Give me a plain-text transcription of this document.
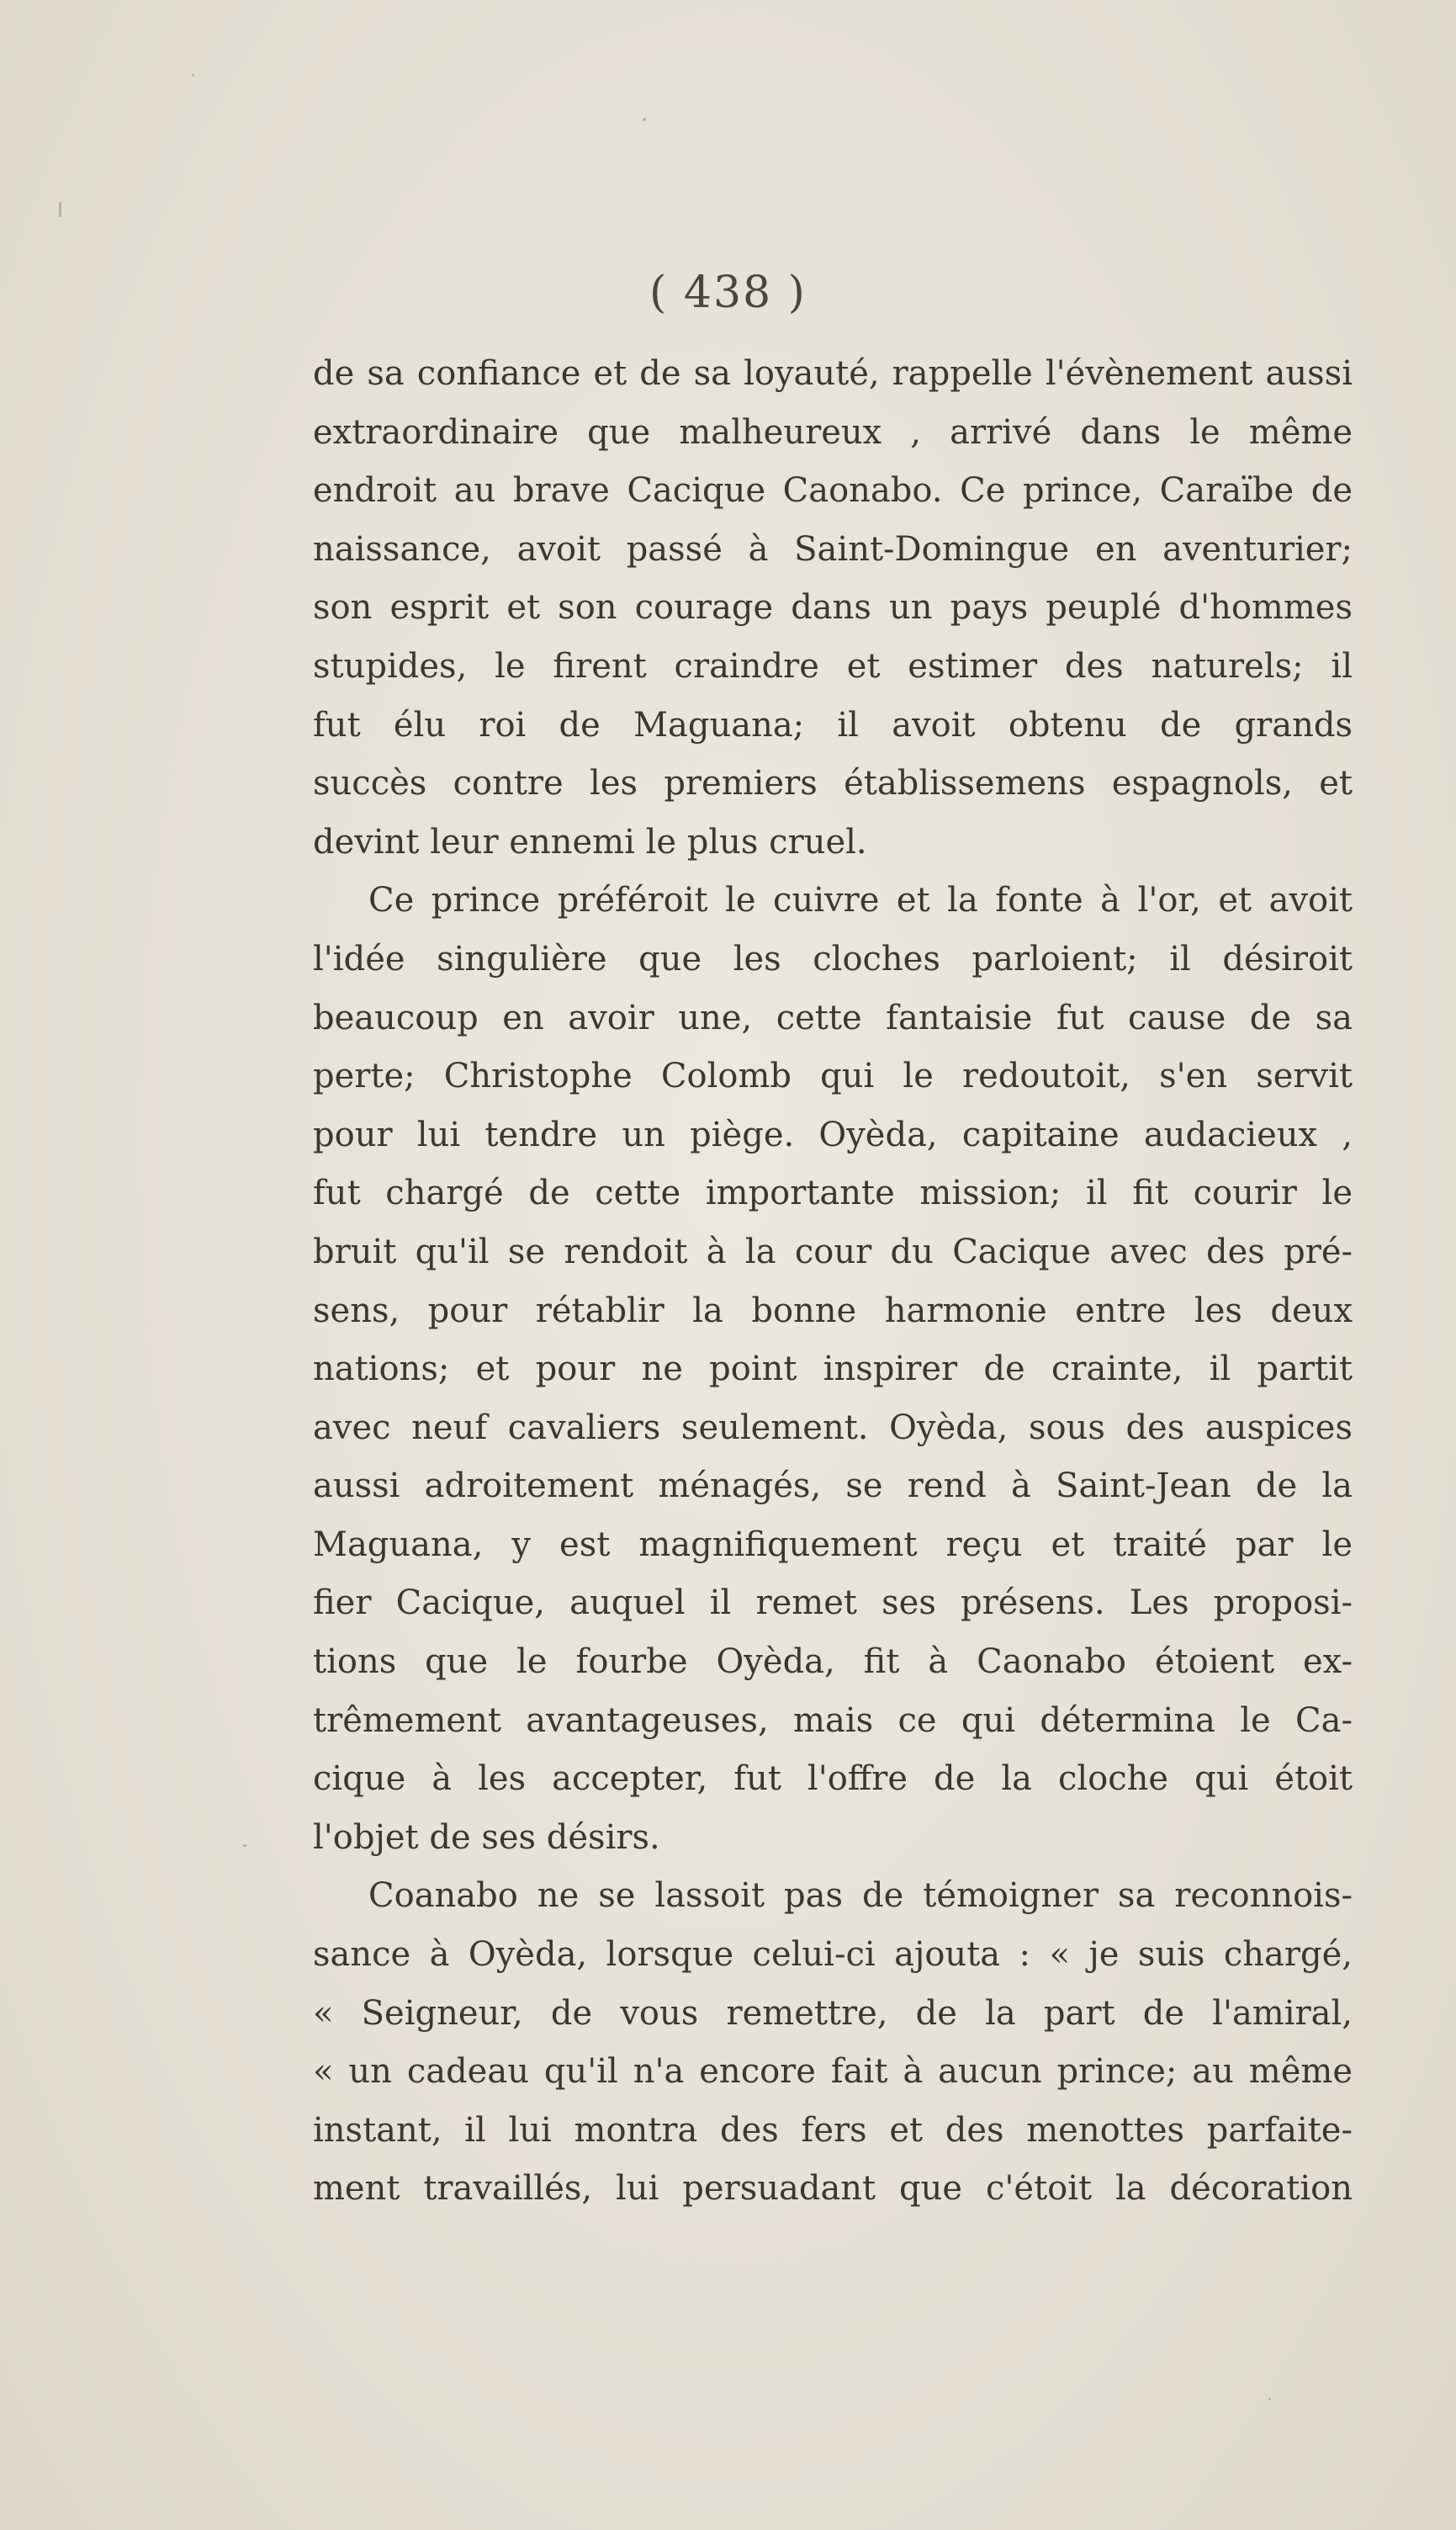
( 438 )
de sa confiance et de sa loyauté, rappelle l'évènement aussi
extraordinaire que malheureux , arrivé dans le même
endroit au brave Cacique Caonabo. Ce prince, Caraïbe de
naissance, avoit passé à Saint-Domingue en aventurier;
son esprit et son courage dans un pays peuplé d'hommes
stupides, le firent craindre et estimer des naturels; il
fut élu roi de Maguana; il avoit obtenu de grands
succès contre les premiers établissemens espagnols, et
devint leur ennemi le plus cruel.
Ce prince préféroit le cuivre et la fonte à l'or, et avoit
l'idée singulière que les cloches parloient; il désiroit
beaucoup en avoir une, cette fantaisie fut cause de sa
perte; Christophe Colomb qui le redoutoit, s'en servit
pour lui tendre un piège. Oyèda, capitaine audacieux ,
fut chargé de cette importante mission; il fit courir le
bruit qu'il se rendoit à la cour du Cacique avec des pré-
sens, pour rétablir la bonne harmonie entre les deux
nations; et pour ne point inspirer de crainte, il partit
avec neuf cavaliers seulement. Oyèda, sous des auspices
aussi adroitement ménagés, se rend à Saint-Jean de la
Maguana, y est magnifiquement reçu et traité par le
fier Cacique, auquel il remet ses présens. Les proposi-
tions que le fourbe Oyèda, fit à Caonabo étoient ex-
trêmement avantageuses, mais ce qui détermina le Ca-
cique à les accepter, fut l'offre de la cloche qui étoit
l'objet de ses désirs.
Coanabo ne se lassoit pas de témoigner sa reconnois-
sance à Oyèda, lorsque celui-ci ajouta : « je suis chargé,
« Seigneur, de vous remettre, de la part de l'amiral,
« un cadeau qu'il n'a encore fait à aucun prince; au même
instant, il lui montra des fers et des menottes parfaite-
ment travaillés, lui persuadant que c'étoit la décoration
